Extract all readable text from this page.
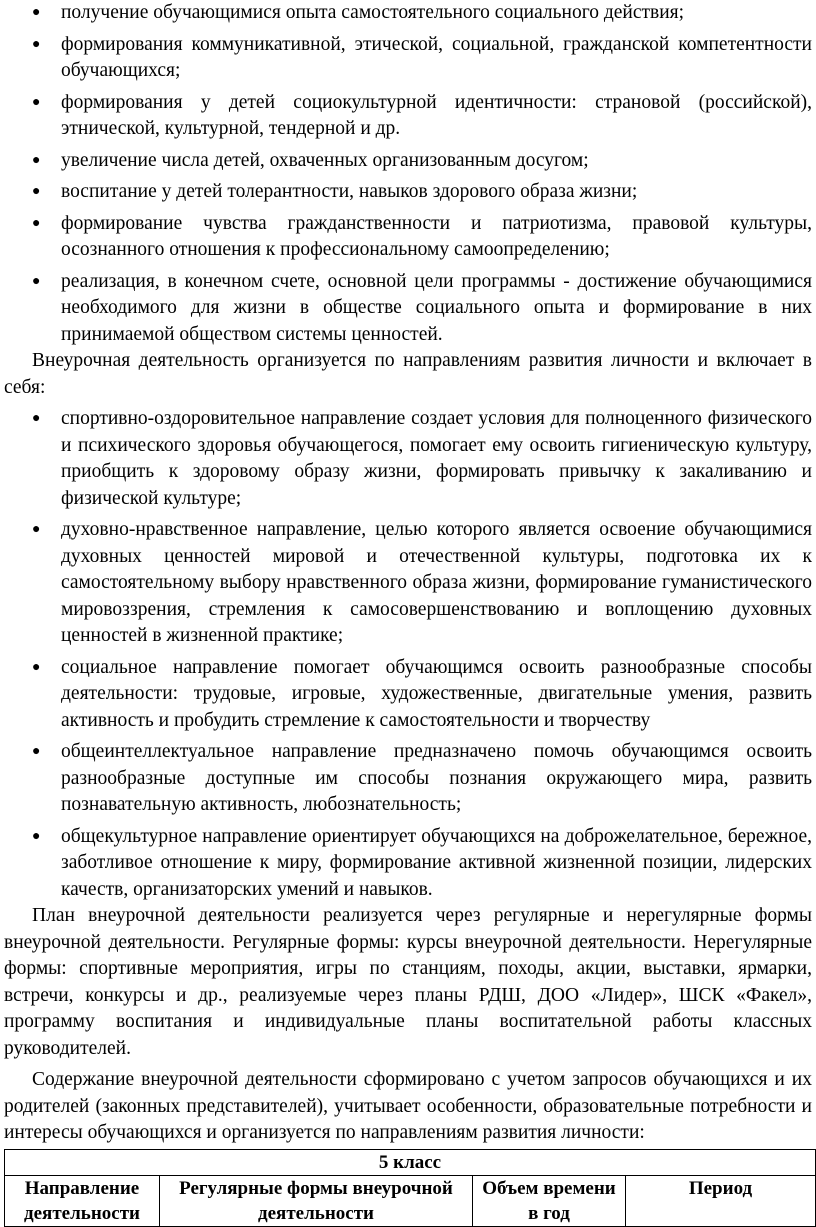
● получение обучающимися опыта самостоятельного социального действия;
● формирования коммуникативной, этической, социальной, гражданской компетентности обучающихся;
● формирования у детей социокультурной идентичности: страновой (российской), этнической, культурной, тендерной и др.
● увеличение числа детей, охваченных организованным досугом;
● воспитание у детей толерантности, навыков здорового образа жизни;
● формирование чувства гражданственности и патриотизма, правовой культуры, осознанного отношения к профессиональному самоопределению;
● реализация, в конечном счете, основной цели программы - достижение обучающимися необходимого для жизни в обществе социального опыта и формирование в них принимаемой обществом системы ценностей.

Внеурочная деятельность организуется по направлениям развития личности и включает в себя:

● спортивно-оздоровительное направление создает условия для полноценного физического и психического здоровья обучающегося, помогает ему освоить гигиеническую культуру, приобщить к здоровому образу жизни, формировать привычку к закаливанию и физической культуре;
● духовно-нравственное направление, целью которого является освоение обучающимися духовных ценностей мировой и отечественной культуры, подготовка их к самостоятельному выбору нравственного образа жизни, формирование гуманистического мировоззрения, стремления к самосовершенствованию и воплощению духовных ценностей в жизненной практике;
● социальное направление помогает обучающимся освоить разнообразные способы деятельности: трудовые, игровые, художественные, двигательные умения, развить активность и пробудить стремление к самостоятельности и творчеству
● общеинтеллектуальное направление предназначено помочь обучающимся освоить разнообразные доступные им способы познания окружающего мира, развить познавательную активность, любознательность;
● общекультурное направление ориентирует обучающихся на доброжелательное, бережное, заботливое отношение к миру, формирование активной жизненной позиции, лидерских качеств, организаторских умений и навыков.

План внеурочной деятельности реализуется через регулярные и нерегулярные формы внеурочной деятельности. Регулярные формы: курсы внеурочной деятельности. Нерегулярные формы: спортивные мероприятия, игры по станциям, походы, акции, выставки, ярмарки, встречи, конкурсы и др., реализуемые через планы РДШ, ДОО «Лидер», ШСК «Факел», программу воспитания и индивидуальные планы воспитательной работы классных руководителей.

Содержание внеурочной деятельности сформировано с учетом запросов обучающихся и их родителей (законных представителей), учитывает особенности, образовательные потребности и интересы обучающихся и организуется по направлениям развития личности:

5 класс
Направление деятельности	Регулярные формы внеурочной деятельности	Объем времени в год	Период
